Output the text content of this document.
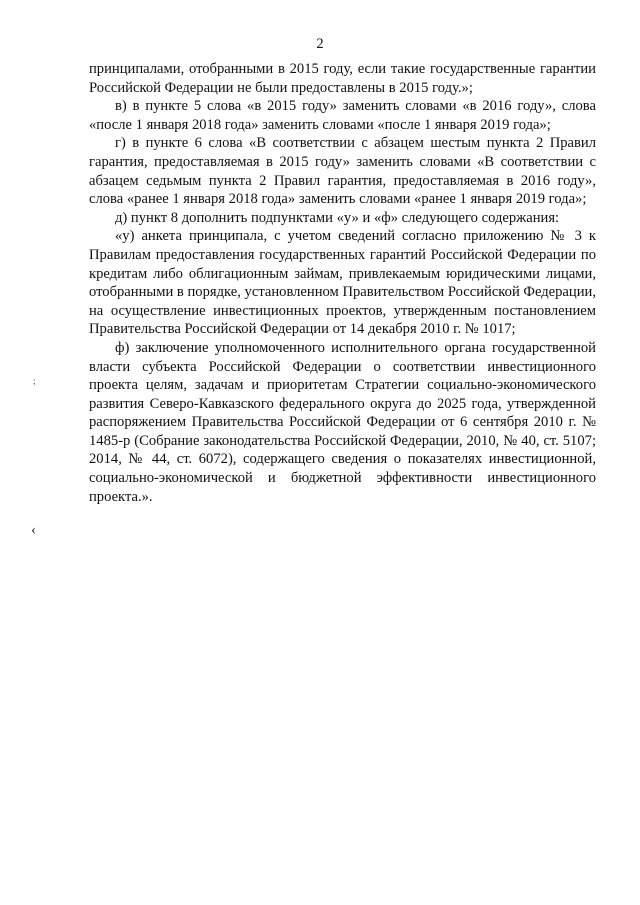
2

принципалами, отобранными в 2015 году, если такие государственные гарантии Российской Федерации не были предоставлены в 2015 году.»;

в) в пункте 5 слова «в 2015 году» заменить словами «в 2016 году», слова «после 1 января 2018 года» заменить словами «после 1 января 2019 года»;

г) в пункте 6 слова «В соответствии с абзацем шестым пункта 2 Правил гарантия, предоставляемая в 2015 году» заменить словами «В соответствии с абзацем седьмым пункта 2 Правил гарантия, предоставляемая в 2016 году», слова «ранее 1 января 2018 года» заменить словами «ранее 1 января 2019 года»;

д) пункт 8 дополнить подпунктами «у» и «ф» следующего содержания:

«у) анкета принципала, с учетом сведений согласно приложению № 3 к Правилам предоставления государственных гарантий Российской Федерации по кредитам либо облигационным займам, привлекаемым юридическими лицами, отобранными в порядке, установленном Правительством Российской Федерации, на осуществление инвестиционных проектов, утвержденным постановлением Правительства Российской Федерации от 14 декабря 2010 г. № 1017;

ф) заключение уполномоченного исполнительного органа государственной власти субъекта Российской Федерации о соответствии инвестиционного проекта целям, задачам и приоритетам Стратегии социально-экономического развития Северо-Кавказского федерального округа до 2025 года, утвержденной распоряжением Правительства Российской Федерации от 6 сентября 2010 г. № 1485-р (Собрание законодательства Российской Федерации, 2010, № 40, ст. 5107; 2014, № 44, ст. 6072), содержащего сведения о показателях инвестиционной, социально-экономической и бюджетной эффективности инвестиционного проекта.».

;
‹
